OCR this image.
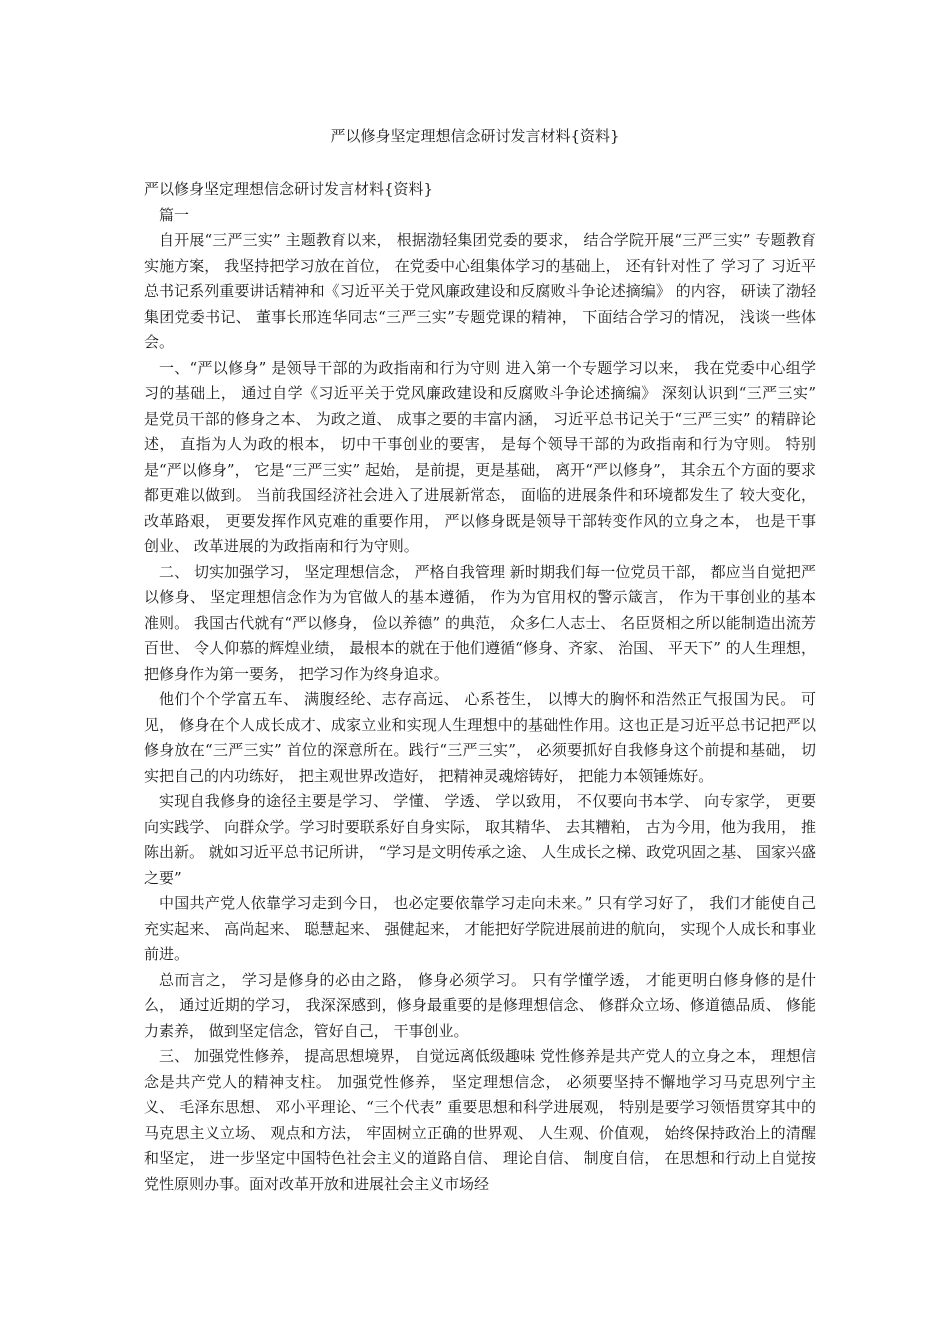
严以修身坚定理想信念研讨发言材料{资料}

严以修身坚定理想信念研讨发言材料{资料}

篇一

自开展“三严三实” 主题教育以来， 根据渤轻集团党委的要求， 结合学院开展“三严三实” 专题教育实施方案， 我坚持把学习放在首位， 在党委中心组集体学习的基础上， 还有针对性了 学习了 习近平总书记系列重要讲话精神和《习近平关于党风廉政建设和反腐败斗争论述摘编》 的内容， 研读了渤轻集团党委书记、 董事长邢连华同志“三严三实”专题党课的精神， 下面结合学习的情况， 浅谈一些体会。

一、“严以修身” 是领导干部的为政指南和行为守则 进入第一个专题学习以来， 我在党委中心组学习的基础上， 通过自学《习近平关于党风廉政建设和反腐败斗争论述摘编》 深刻认识到“三严三实” 是党员干部的修身之本、 为政之道、 成事之要的丰富内涵， 习近平总书记关于“三严三实” 的精辟论述， 直指为人为政的根本， 切中干事创业的要害， 是每个领导干部的为政指南和行为守则。 特别是“严以修身”， 它是“三严三实” 起始， 是前提，更是基础， 离开“严以修身”， 其余五个方面的要求都更难以做到。 当前我国经济社会进入了进展新常态， 面临的进展条件和环境都发生了 较大变化， 改革路艰， 更要发挥作风克难的重要作用， 严以修身既是领导干部转变作风的立身之本， 也是干事创业、 改革进展的为政指南和行为守则。

二、 切实加强学习， 坚定理想信念， 严格自我管理 新时期我们每一位党员干部， 都应当自觉把严以修身、 坚定理想信念作为为官做人的基本遵循， 作为为官用权的警示箴言， 作为干事创业的基本准则。 我国古代就有“严以修身， 俭以养德” 的典范， 众多仁人志士、 名臣贤相之所以能制造出流芳百世、 令人仰慕的辉煌业绩， 最根本的就在于他们遵循“修身、齐家、 治国、 平天下” 的人生理想， 把修身作为第一要务， 把学习作为终身追求。

他们个个学富五车、 满腹经纶、志存高远、 心系苍生， 以博大的胸怀和浩然正气报国为民。 可见， 修身在个人成长成才、成家立业和实现人生理想中的基础性作用。这也正是习近平总书记把严以修身放在“三严三实” 首位的深意所在。践行“三严三实”， 必须要抓好自我修身这个前提和基础， 切实把自己的内功练好， 把主观世界改造好， 把精神灵魂熔铸好， 把能力本领锤炼好。

实现自我修身的途径主要是学习、 学懂、 学透、 学以致用， 不仅要向书本学、 向专家学， 更要向实践学、 向群众学。学习时要联系好自身实际， 取其精华、 去其糟粕， 古为今用，他为我用， 推陈出新。 就如习近平总书记所讲， “学习是文明传承之途、 人生成长之梯、政党巩固之基、 国家兴盛之要”

中国共产党人依靠学习走到今日， 也必定要依靠学习走向未来。” 只有学习好了， 我们才能使自己充实起来、 高尚起来、 聪慧起来、 强健起来， 才能把好学院进展前进的航向， 实现个人成长和事业前进。

总而言之， 学习是修身的必由之路， 修身必须学习。 只有学懂学透， 才能更明白修身修的是什么， 通过近期的学习， 我深深感到，修身最重要的是修理想信念、 修群众立场、修道德品质、 修能力素养， 做到坚定信念，管好自己， 干事创业。

三、 加强党性修养， 提高思想境界， 自觉远离低级趣味 党性修养是共产党人的立身之本， 理想信念是共产党人的精神支柱。 加强党性修养， 坚定理想信念， 必须要坚持不懈地学习马克思列宁主义、 毛泽东思想、 邓小平理论、“三个代表” 重要思想和科学进展观， 特别是要学习领悟贯穿其中的马克思主义立场、 观点和方法， 牢固树立正确的世界观、 人生观、价值观， 始终保持政治上的清醒和坚定， 进一步坚定中国特色社会主义的道路自信、 理论自信、 制度自信， 在思想和行动上自觉按党性原则办事。面对改革开放和进展社会主义市场经
